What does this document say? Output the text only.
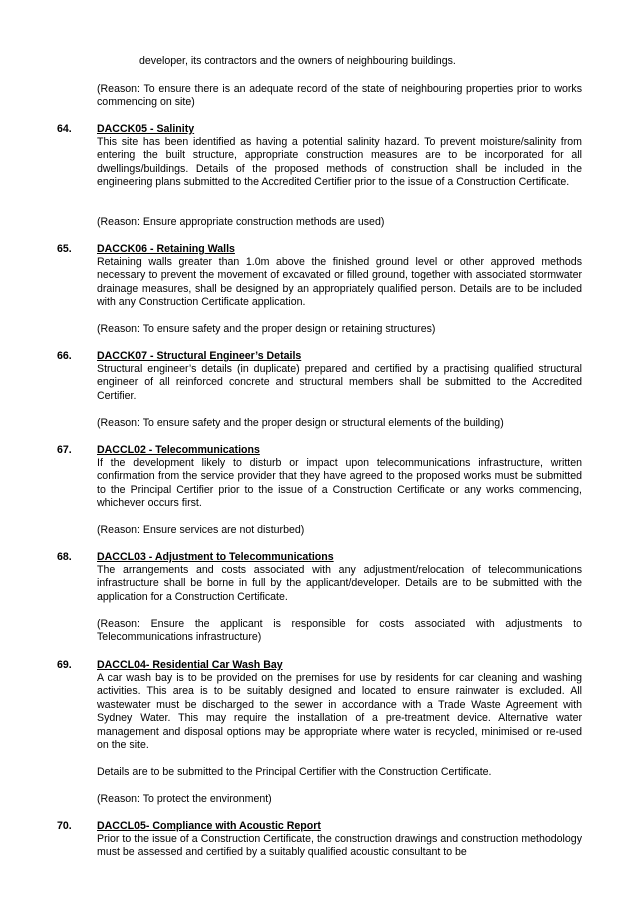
developer, its contractors and the owners of neighbouring buildings.
(Reason: To ensure there is an adequate record of the state of neighbouring properties prior to works commencing on site)
64. DACCK05 - Salinity
This site has been identified as having a potential salinity hazard. To prevent moisture/salinity from entering the built structure, appropriate construction measures are to be incorporated for all dwellings/buildings. Details of the proposed methods of construction shall be included in the engineering plans submitted to the Accredited Certifier prior to the issue of a Construction Certificate.
(Reason: Ensure appropriate construction methods are used)
65. DACCK06 - Retaining Walls
Retaining walls greater than 1.0m above the finished ground level or other approved methods necessary to prevent the movement of excavated or filled ground, together with associated stormwater drainage measures, shall be designed by an appropriately qualified person. Details are to be included with any Construction Certificate application.
(Reason: To ensure safety and the proper design or retaining structures)
66. DACCK07 - Structural Engineer’s Details
Structural engineer’s details (in duplicate) prepared and certified by a practising qualified structural engineer of all reinforced concrete and structural members shall be submitted to the Accredited Certifier.
(Reason: To ensure safety and the proper design or structural elements of the building)
67. DACCL02 - Telecommunications
If the development likely to disturb or impact upon telecommunications infrastructure, written confirmation from the service provider that they have agreed to the proposed works must be submitted to the Principal Certifier prior to the issue of a Construction Certificate or any works commencing, whichever occurs first.
(Reason: Ensure services are not disturbed)
68. DACCL03 - Adjustment to Telecommunications
The arrangements and costs associated with any adjustment/relocation of telecommunications infrastructure shall be borne in full by the applicant/developer. Details are to be submitted with the application for a Construction Certificate.
(Reason: Ensure the applicant is responsible for costs associated with adjustments to Telecommunications infrastructure)
69. DACCL04- Residential Car Wash Bay
A car wash bay is to be provided on the premises for use by residents for car cleaning and washing activities. This area is to be suitably designed and located to ensure rainwater is excluded. All wastewater must be discharged to the sewer in accordance with a Trade Waste Agreement with Sydney Water. This may require the installation of a pre-treatment device. Alternative water management and disposal options may be appropriate where water is recycled, minimised or re-used on the site.
Details are to be submitted to the Principal Certifier with the Construction Certificate.
(Reason: To protect the environment)
70. DACCL05- Compliance with Acoustic Report
Prior to the issue of a Construction Certificate, the construction drawings and construction methodology must be assessed and certified by a suitably qualified acoustic consultant to be
